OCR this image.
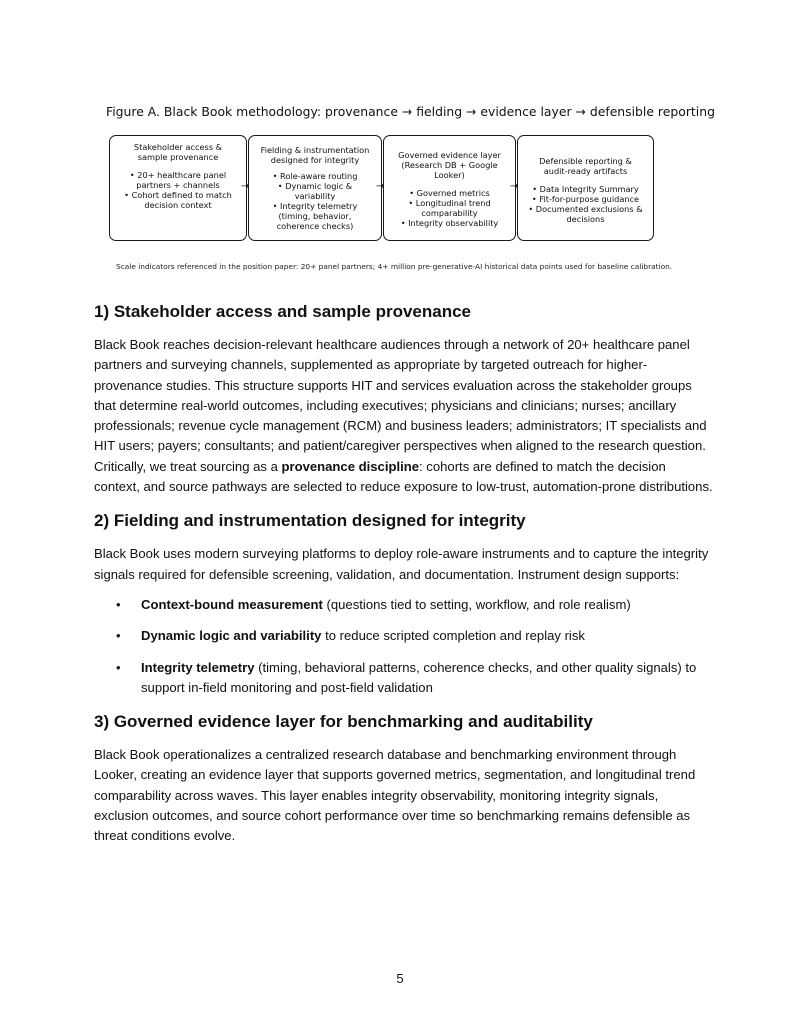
Figure A. Black Book methodology: provenance → fielding → evidence layer → defensible reporting
Stakeholder access &
sample provenance
• 20+ healthcare panel
partners + channels
• Cohort defined to match
decision context
→
Fielding & instrumentation
designed for integrity
• Role-aware routing
• Dynamic logic &
variability
• Integrity telemetry
(timing, behavior,
coherence checks)
→
Governed evidence layer
(Research DB + Google
Looker)
• Governed metrics
• Longitudinal trend
comparability
• Integrity observability
→
Defensible reporting &
audit-ready artifacts
• Data Integrity Summary
• Fit-for-purpose guidance
• Documented exclusions &
decisions
Scale indicators referenced in the position paper: 20+ panel partners; 4+ million pre-generative-AI historical data points used for baseline calibration.
1) Stakeholder access and sample provenance

Black Book reaches decision-relevant healthcare audiences through a network of 20+ healthcare panel partners and surveying channels, supplemented as appropriate by targeted outreach for higher-provenance studies. This structure supports HIT and services evaluation across the stakeholder groups that determine real-world outcomes, including executives; physicians and clinicians; nurses; ancillary professionals; revenue cycle management (RCM) and business leaders; administrators; IT specialists and HIT users; payers; consultants; and patient/caregiver perspectives when aligned to the research question.

Critically, we treat sourcing as a provenance discipline: cohorts are defined to match the decision context, and source pathways are selected to reduce exposure to low-trust, automation-prone distributions.

2) Fielding and instrumentation designed for integrity

Black Book uses modern surveying platforms to deploy role-aware instruments and to capture the integrity signals required for defensible screening, validation, and documentation. Instrument design supports:

• Context-bound measurement (questions tied to setting, workflow, and role realism)
• Dynamic logic and variability to reduce scripted completion and replay risk
• Integrity telemetry (timing, behavioral patterns, coherence checks, and other quality signals) to support in-field monitoring and post-field validation
3) Governed evidence layer for benchmarking and auditability

Black Book operationalizes a centralized research database and benchmarking environment through Looker, creating an evidence layer that supports governed metrics, segmentation, and longitudinal trend comparability across waves. This layer enables integrity observability, monitoring integrity signals, exclusion outcomes, and source cohort performance over time so benchmarking remains defensible as threat conditions evolve.

5
